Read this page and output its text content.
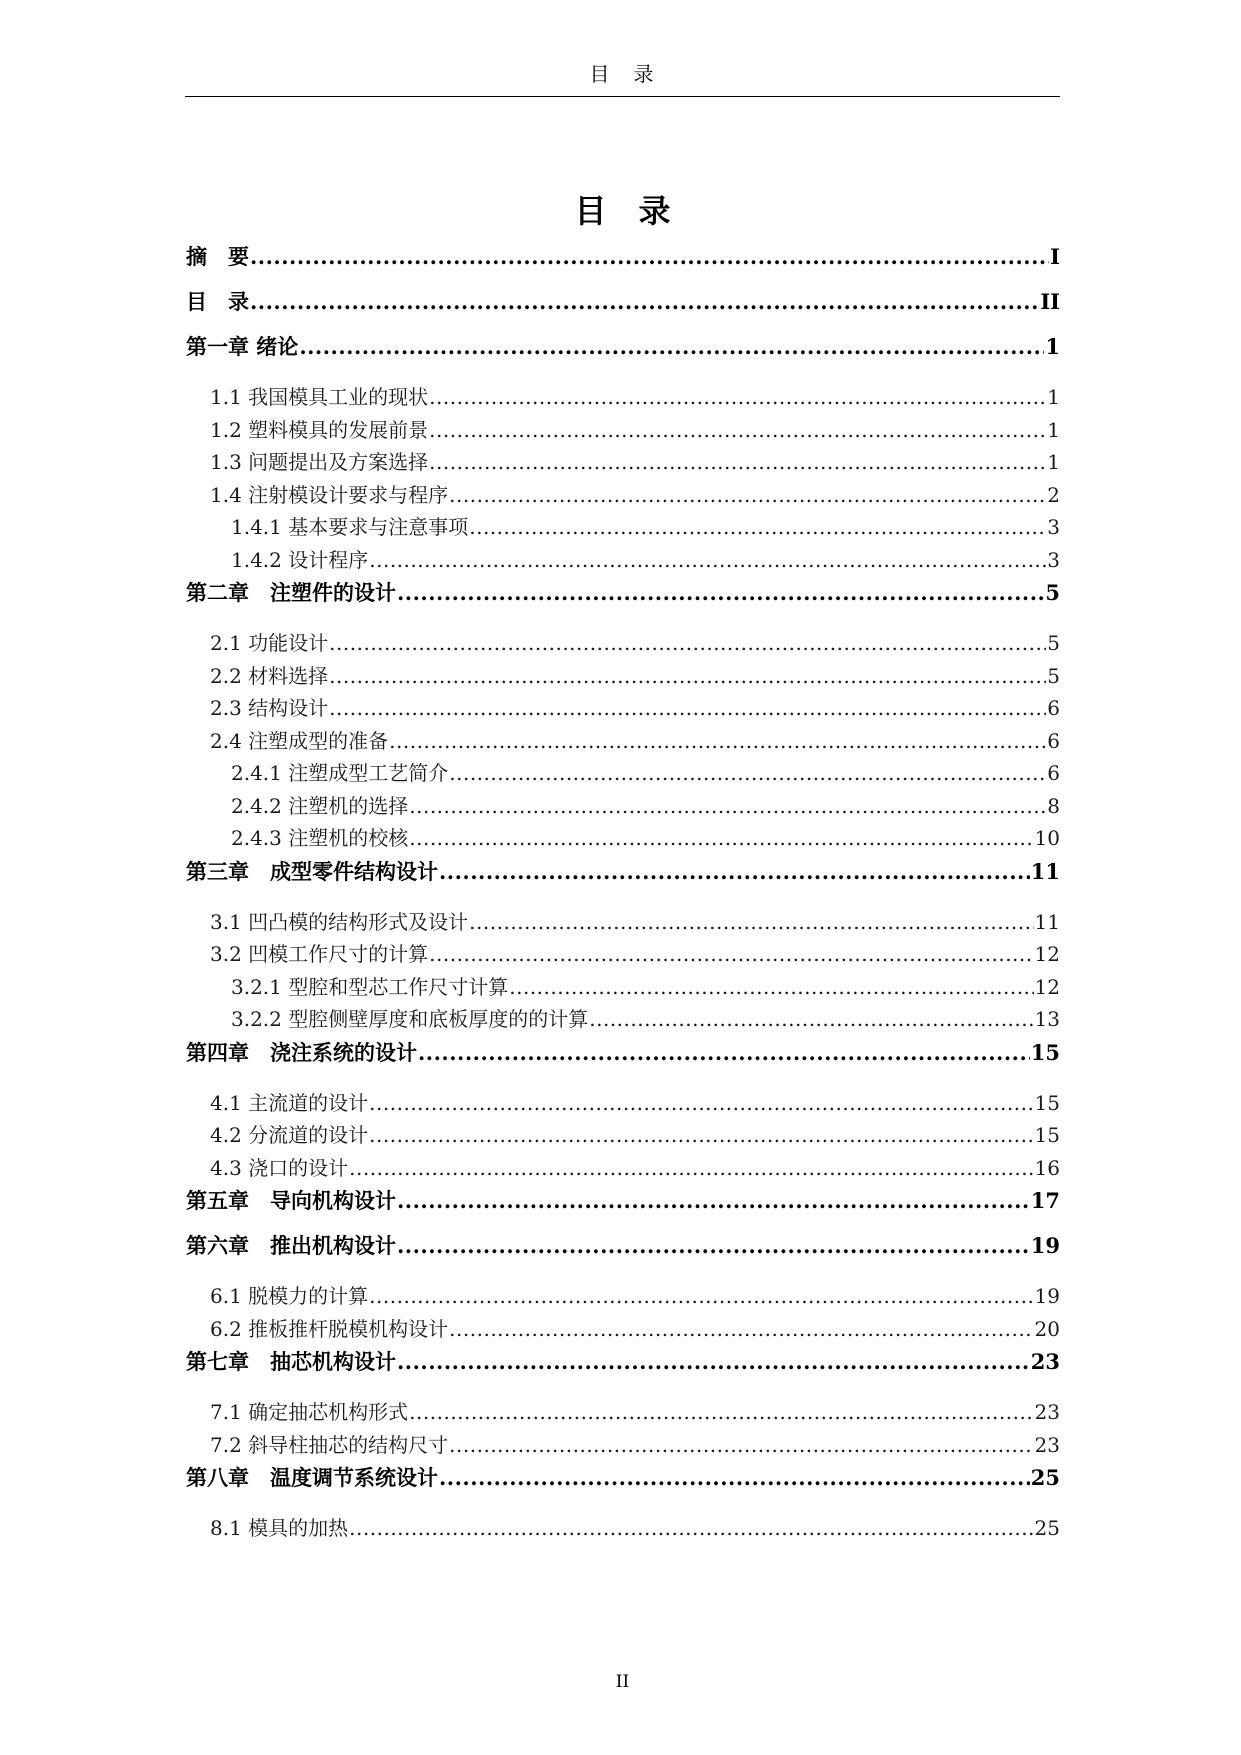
目　录
目　录
摘　要 .....	I
目　录 .....	II
第一章 绪论 .....	1
1.1 我国模具工业的现状 .....	1
1.2 塑料模具的发展前景 .....	1
1.3 问题提出及方案选择 .....	1
1.4 注射模设计要求与程序 .....	2
1.4.1 基本要求与注意事项 .....	3
1.4.2 设计程序 .....	3
第二章　注塑件的设计 .....	5
2.1 功能设计 .....	5
2.2 材料选择 .....	5
2.3 结构设计 .....	6
2.4 注塑成型的准备 .....	6
2.4.1 注塑成型工艺简介 .....	6
2.4.2 注塑机的选择 .....	8
2.4.3 注塑机的校核 .....	10
第三章　成型零件结构设计 .....	11
3.1 凹凸模的结构形式及设计 .....	11
3.2 凹模工作尺寸的计算 .....	12
3.2.1 型腔和型芯工作尺寸计算 .....	12
3.2.2 型腔侧壁厚度和底板厚度的的计算 .....	13
第四章　浇注系统的设计 .....	15
4.1 主流道的设计 .....	15
4.2 分流道的设计 .....	15
4.3 浇口的设计 .....	16
第五章　导向机构设计 .....	17
第六章　推出机构设计 .....	19
6.1 脱模力的计算 .....	19
6.2 推板推杆脱模机构设计 .....	20
第七章　抽芯机构设计 .....	23
7.1 确定抽芯机构形式 .....	23
7.2 斜导柱抽芯的结构尺寸 .....	23
第八章　温度调节系统设计 .....	25
8.1 模具的加热 .....	25
II
